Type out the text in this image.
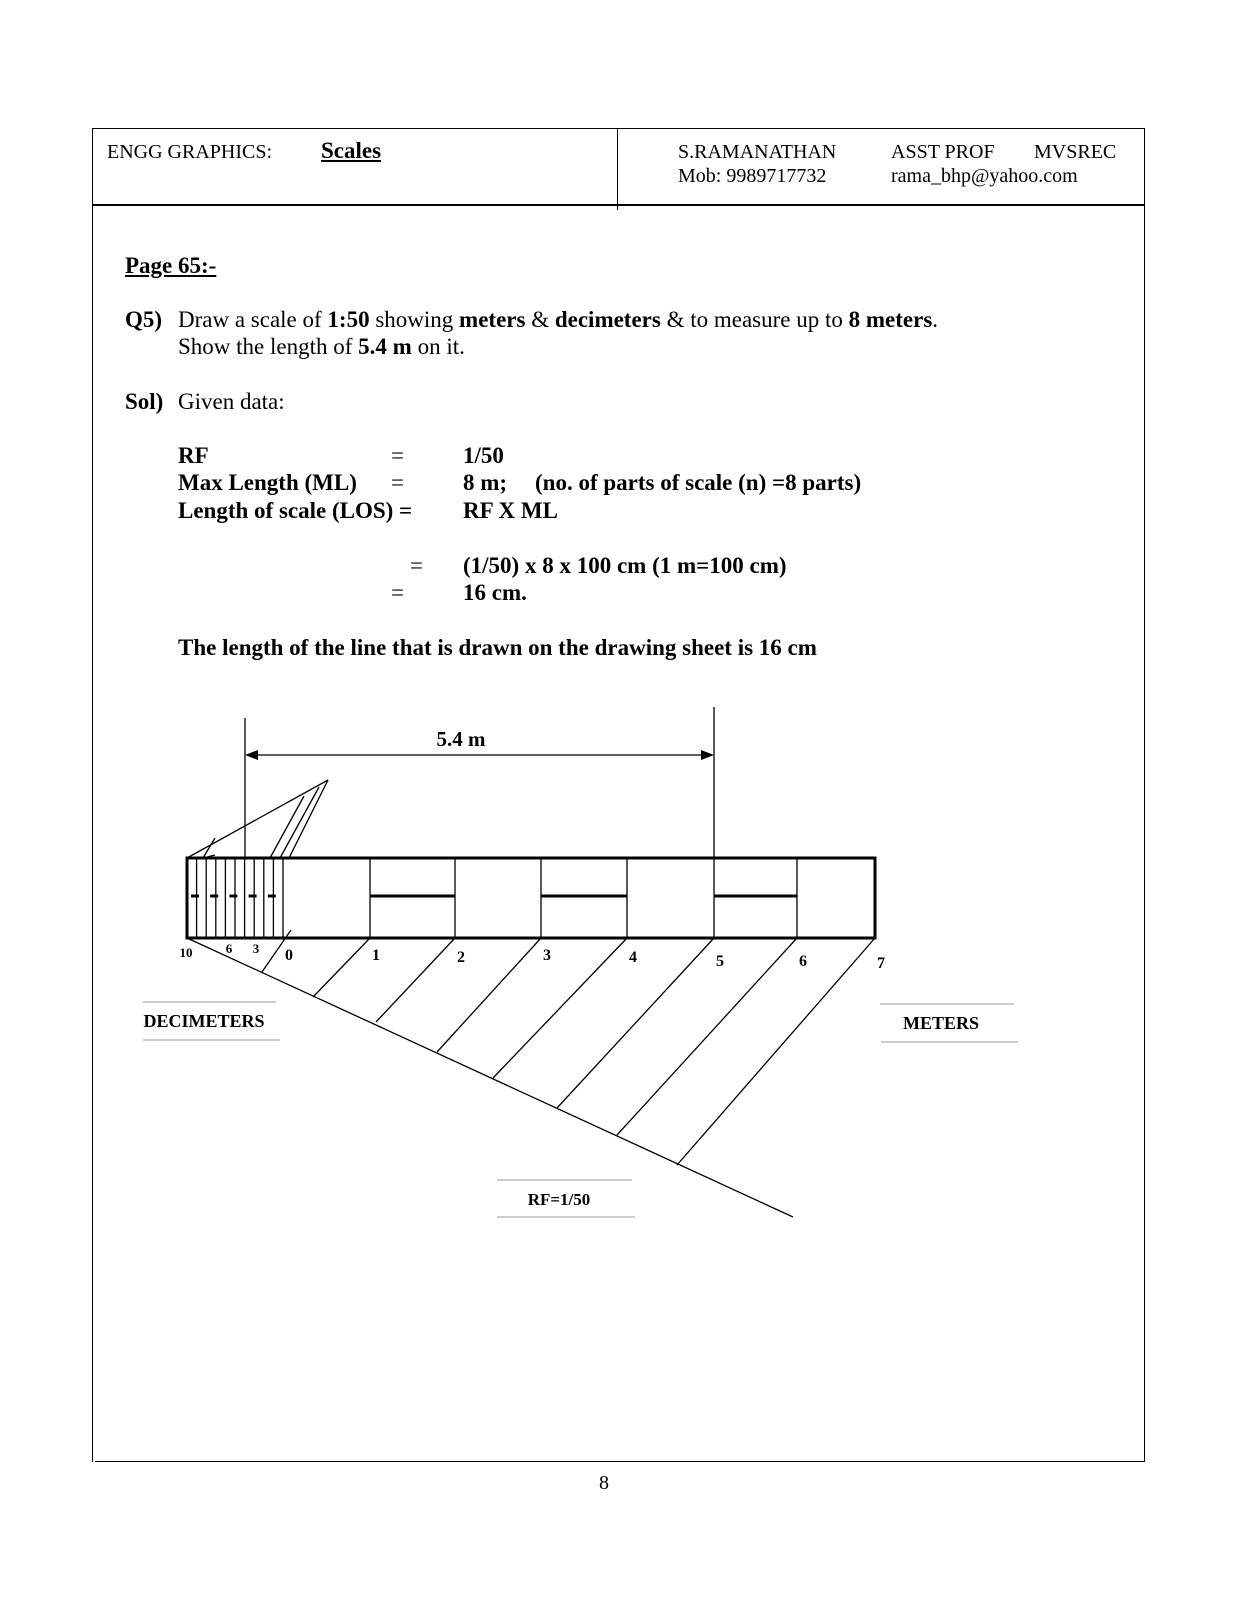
ENGG GRAPHICS: Scales	S.RAMANATHAN	ASST PROF MVSREC
Mob: 9989717732	rama_bhp@yahoo.com
Page 65:-
Q5) Draw a scale of 1:50 showing meters & decimeters & to measure up to 8 meters.
Show the length of 5.4 m on it.
Sol) Given data:
RF	=	1/50
Max Length (ML) =	8 m; (no. of parts of scale (n) =8 parts)
Length of scale (LOS) = RF X ML
= (1/50) x 8 x 100 cm (1 m=100 cm)
=	16 cm.
The length of the line that is drawn on the drawing sheet is 16 cm
5.4 m
10	6 3 0	1	2	3	4	5	6	7
DECIMETERS	METERS
RF=1/50
8
